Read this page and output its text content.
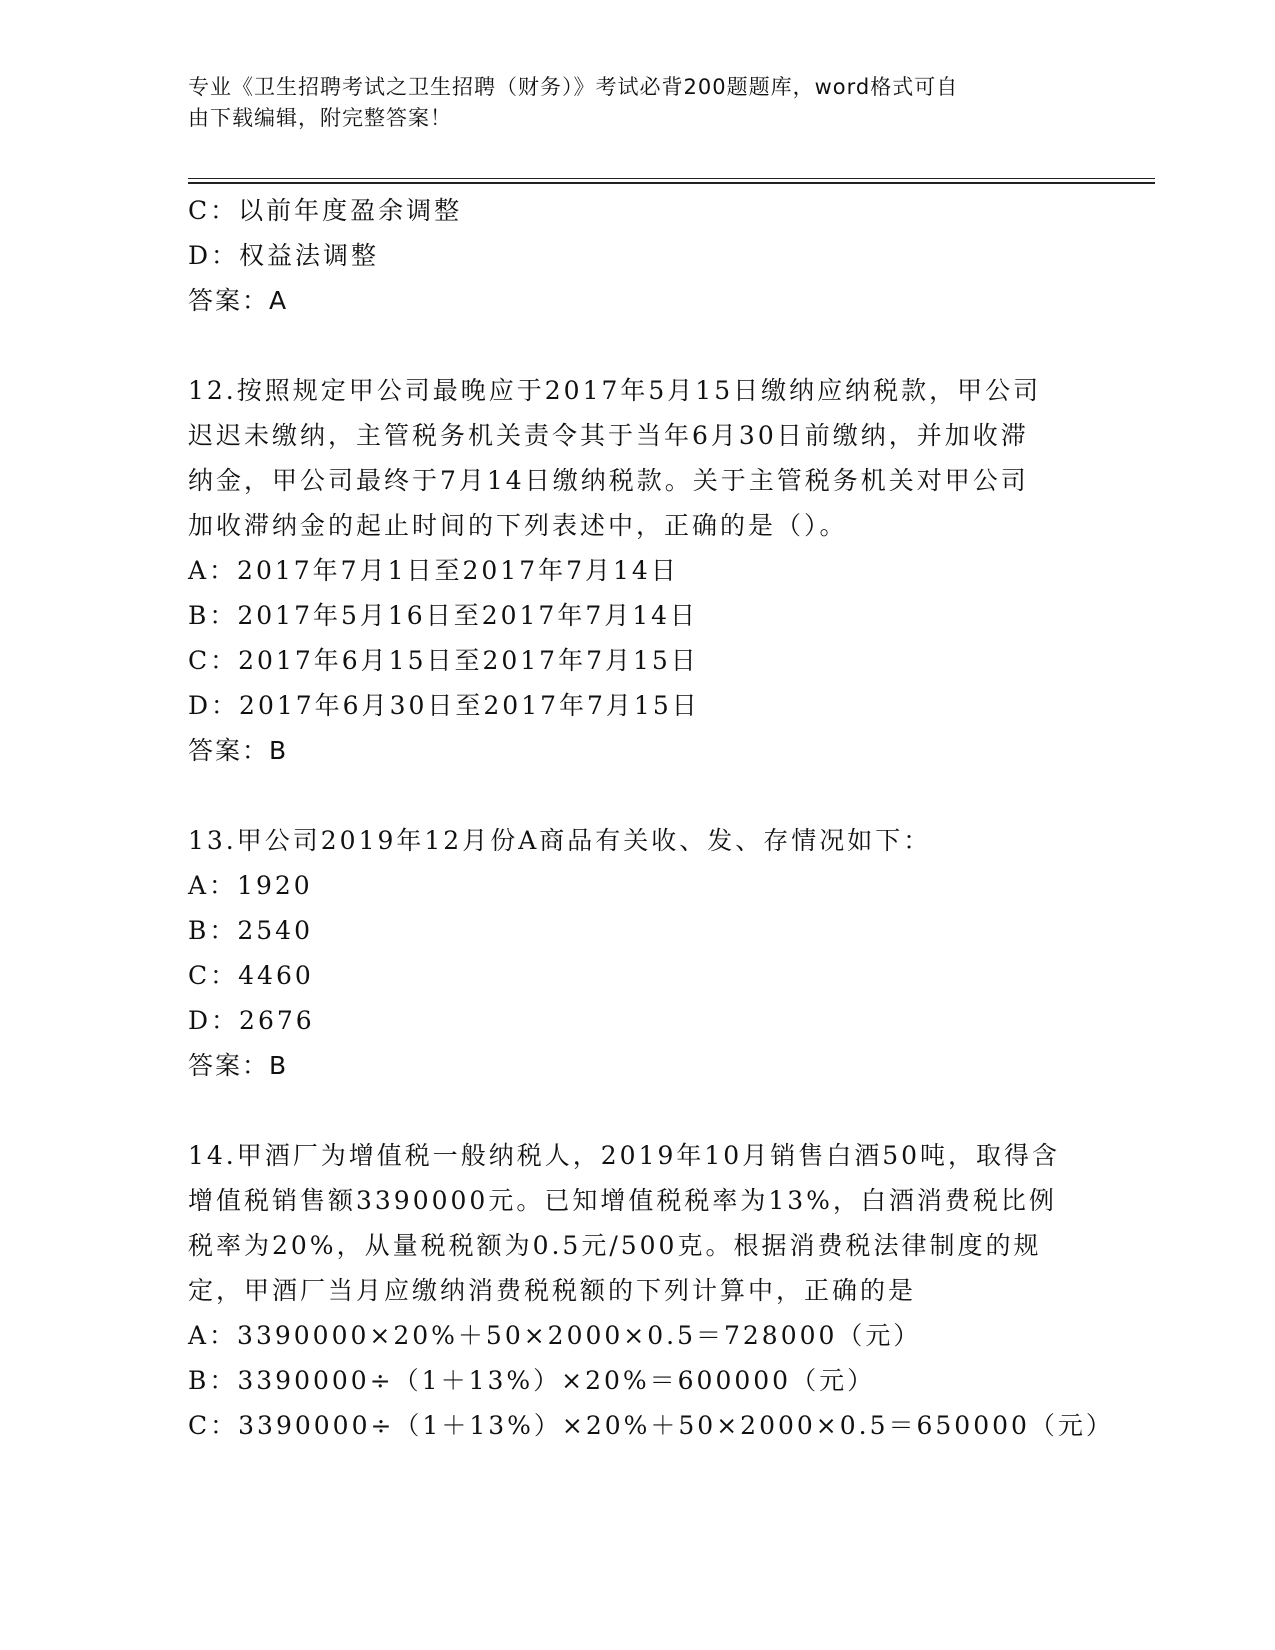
专业《卫生招聘考试之卫生招聘（财务）》考试必背200题题库，word格式可自
由下载编辑，附完整答案！
C：以前年度盈余调整
D：权益法调整
答案：A
12.按照规定甲公司最晚应于2017年5月15日缴纳应纳税款，甲公司
迟迟未缴纳，主管税务机关责令其于当年6月30日前缴纳，并加收滞
纳金，甲公司最终于7月14日缴纳税款。关于主管税务机关对甲公司
加收滞纳金的起止时间的下列表述中，正确的是（）。
A：2017年7月1日至2017年7月14日
B：2017年5月16日至2017年7月14日
C：2017年6月15日至2017年7月15日
D：2017年6月30日至2017年7月15日
答案：B
13.甲公司2019年12月份A商品有关收、发、存情况如下：
A：1920
B：2540
C：4460
D：2676
答案：B
14.甲酒厂为增值税一般纳税人，2019年10月销售白酒50吨，取得含
增值税销售额3390000元。已知增值税税率为13%，白酒消费税比例
税率为20%，从量税税额为0.5元/500克。根据消费税法律制度的规
定，甲酒厂当月应缴纳消费税税额的下列计算中，正确的是
A：3390000×20%＋50×2000×0.5＝728000（元）
B：3390000÷（1＋13%）×20%＝600000（元）
C：3390000÷（1＋13%）×20%＋50×2000×0.5＝650000（元）
